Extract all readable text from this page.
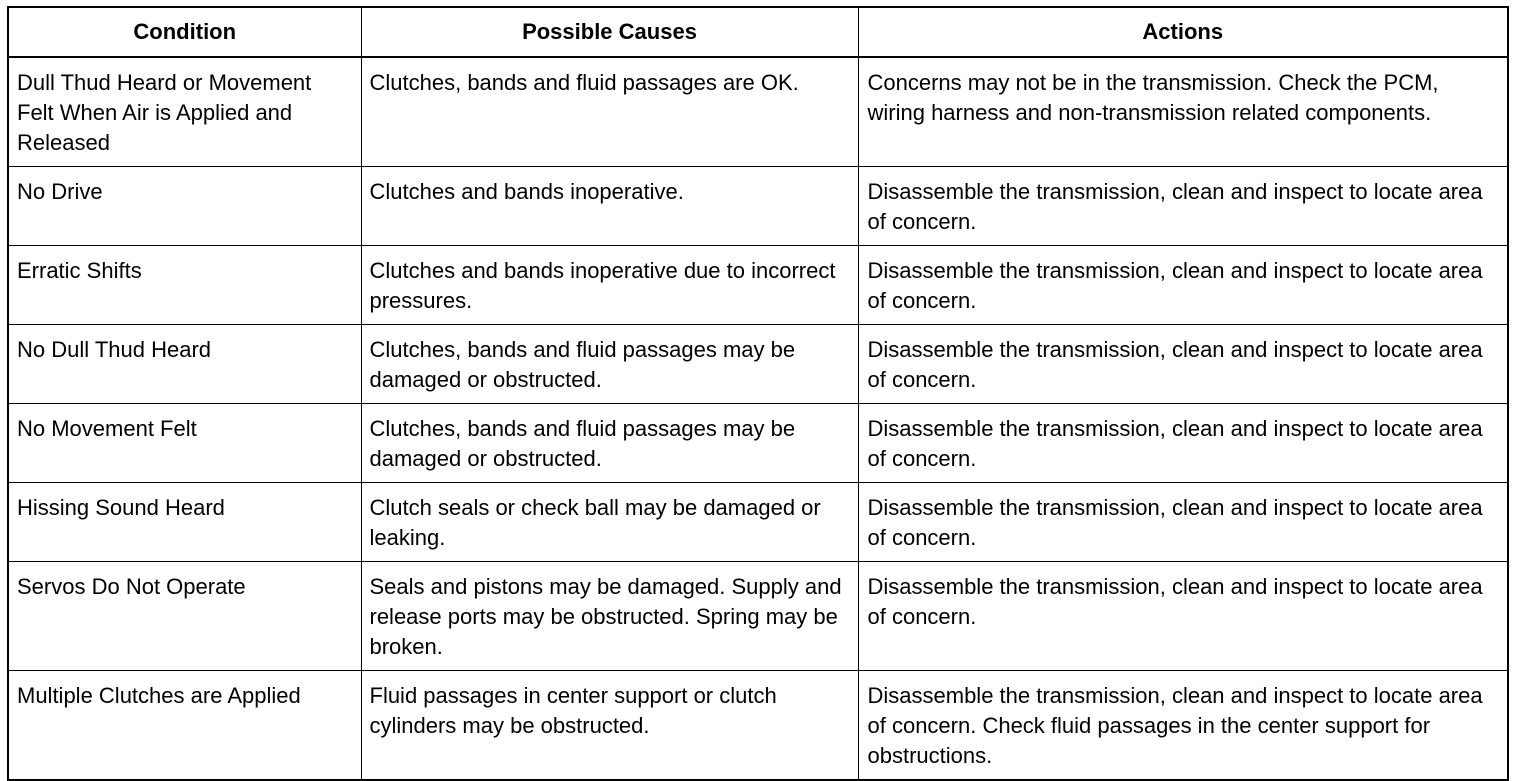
Condition	Possible Causes	Actions
Dull Thud Heard or Movement Felt When Air is Applied and Released	Clutches, bands and fluid passages are OK.	Concerns may not be in the transmission. Check the PCM, wiring harness and non-transmission related components.
No Drive	Clutches and bands inoperative.	Disassemble the transmission, clean and inspect to locate area of concern.
Erratic Shifts	Clutches and bands inoperative due to incorrect pressures.	Disassemble the transmission, clean and inspect to locate area of concern.
No Dull Thud Heard	Clutches, bands and fluid passages may be damaged or obstructed.	Disassemble the transmission, clean and inspect to locate area of concern.
No Movement Felt	Clutches, bands and fluid passages may be damaged or obstructed.	Disassemble the transmission, clean and inspect to locate area of concern.
Hissing Sound Heard	Clutch seals or check ball may be damaged or leaking.	Disassemble the transmission, clean and inspect to locate area of concern.
Servos Do Not Operate	Seals and pistons may be damaged. Supply and release ports may be obstructed. Spring may be broken.	Disassemble the transmission, clean and inspect to locate area of concern.
Multiple Clutches are Applied	Fluid passages in center support or clutch cylinders may be obstructed.	Disassemble the transmission, clean and inspect to locate area of concern. Check fluid passages in the center support for obstructions.
